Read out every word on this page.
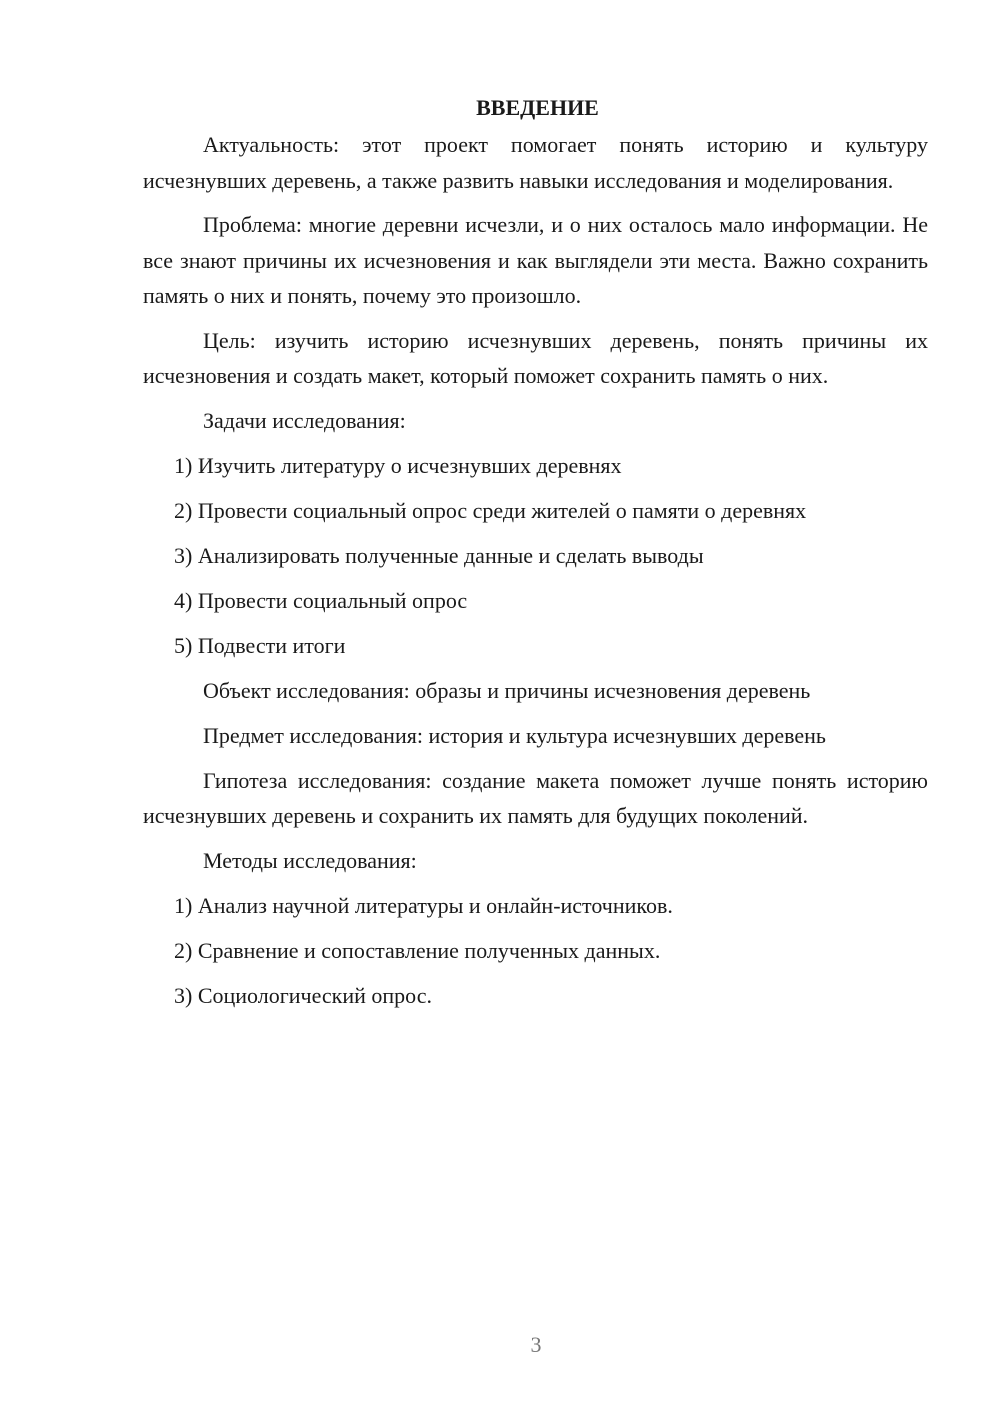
ВВЕДЕНИЕ
Актуальность: этот проект помогает понять историю и культуру исчезнувших деревень, а также развить навыки исследования и моделирования.
Проблема: многие деревни исчезли, и о них осталось мало информации. Не все знают причины их исчезновения и как выглядели эти места. Важно сохранить память о них и понять, почему это произошло.
Цель: изучить историю исчезнувших деревень, понять причины их исчезновения и создать макет, который поможет сохранить память о них.
Задачи исследования:
1) Изучить литературу о исчезнувших деревнях
2) Провести социальный опрос среди жителей о памяти о деревнях
3) Анализировать полученные данные и сделать выводы
4) Провести социальный опрос
5) Подвести итоги
Объект исследования: образы и причины исчезновения деревень
Предмет исследования: история и культура исчезнувших деревень
Гипотеза исследования: создание макета поможет лучше понять историю исчезнувших деревень и сохранить их память для будущих поколений.
Методы исследования:
1) Анализ научной литературы и онлайн-источников.
2) Сравнение и сопоставление полученных данных.
3) Социологический опрос.
3
